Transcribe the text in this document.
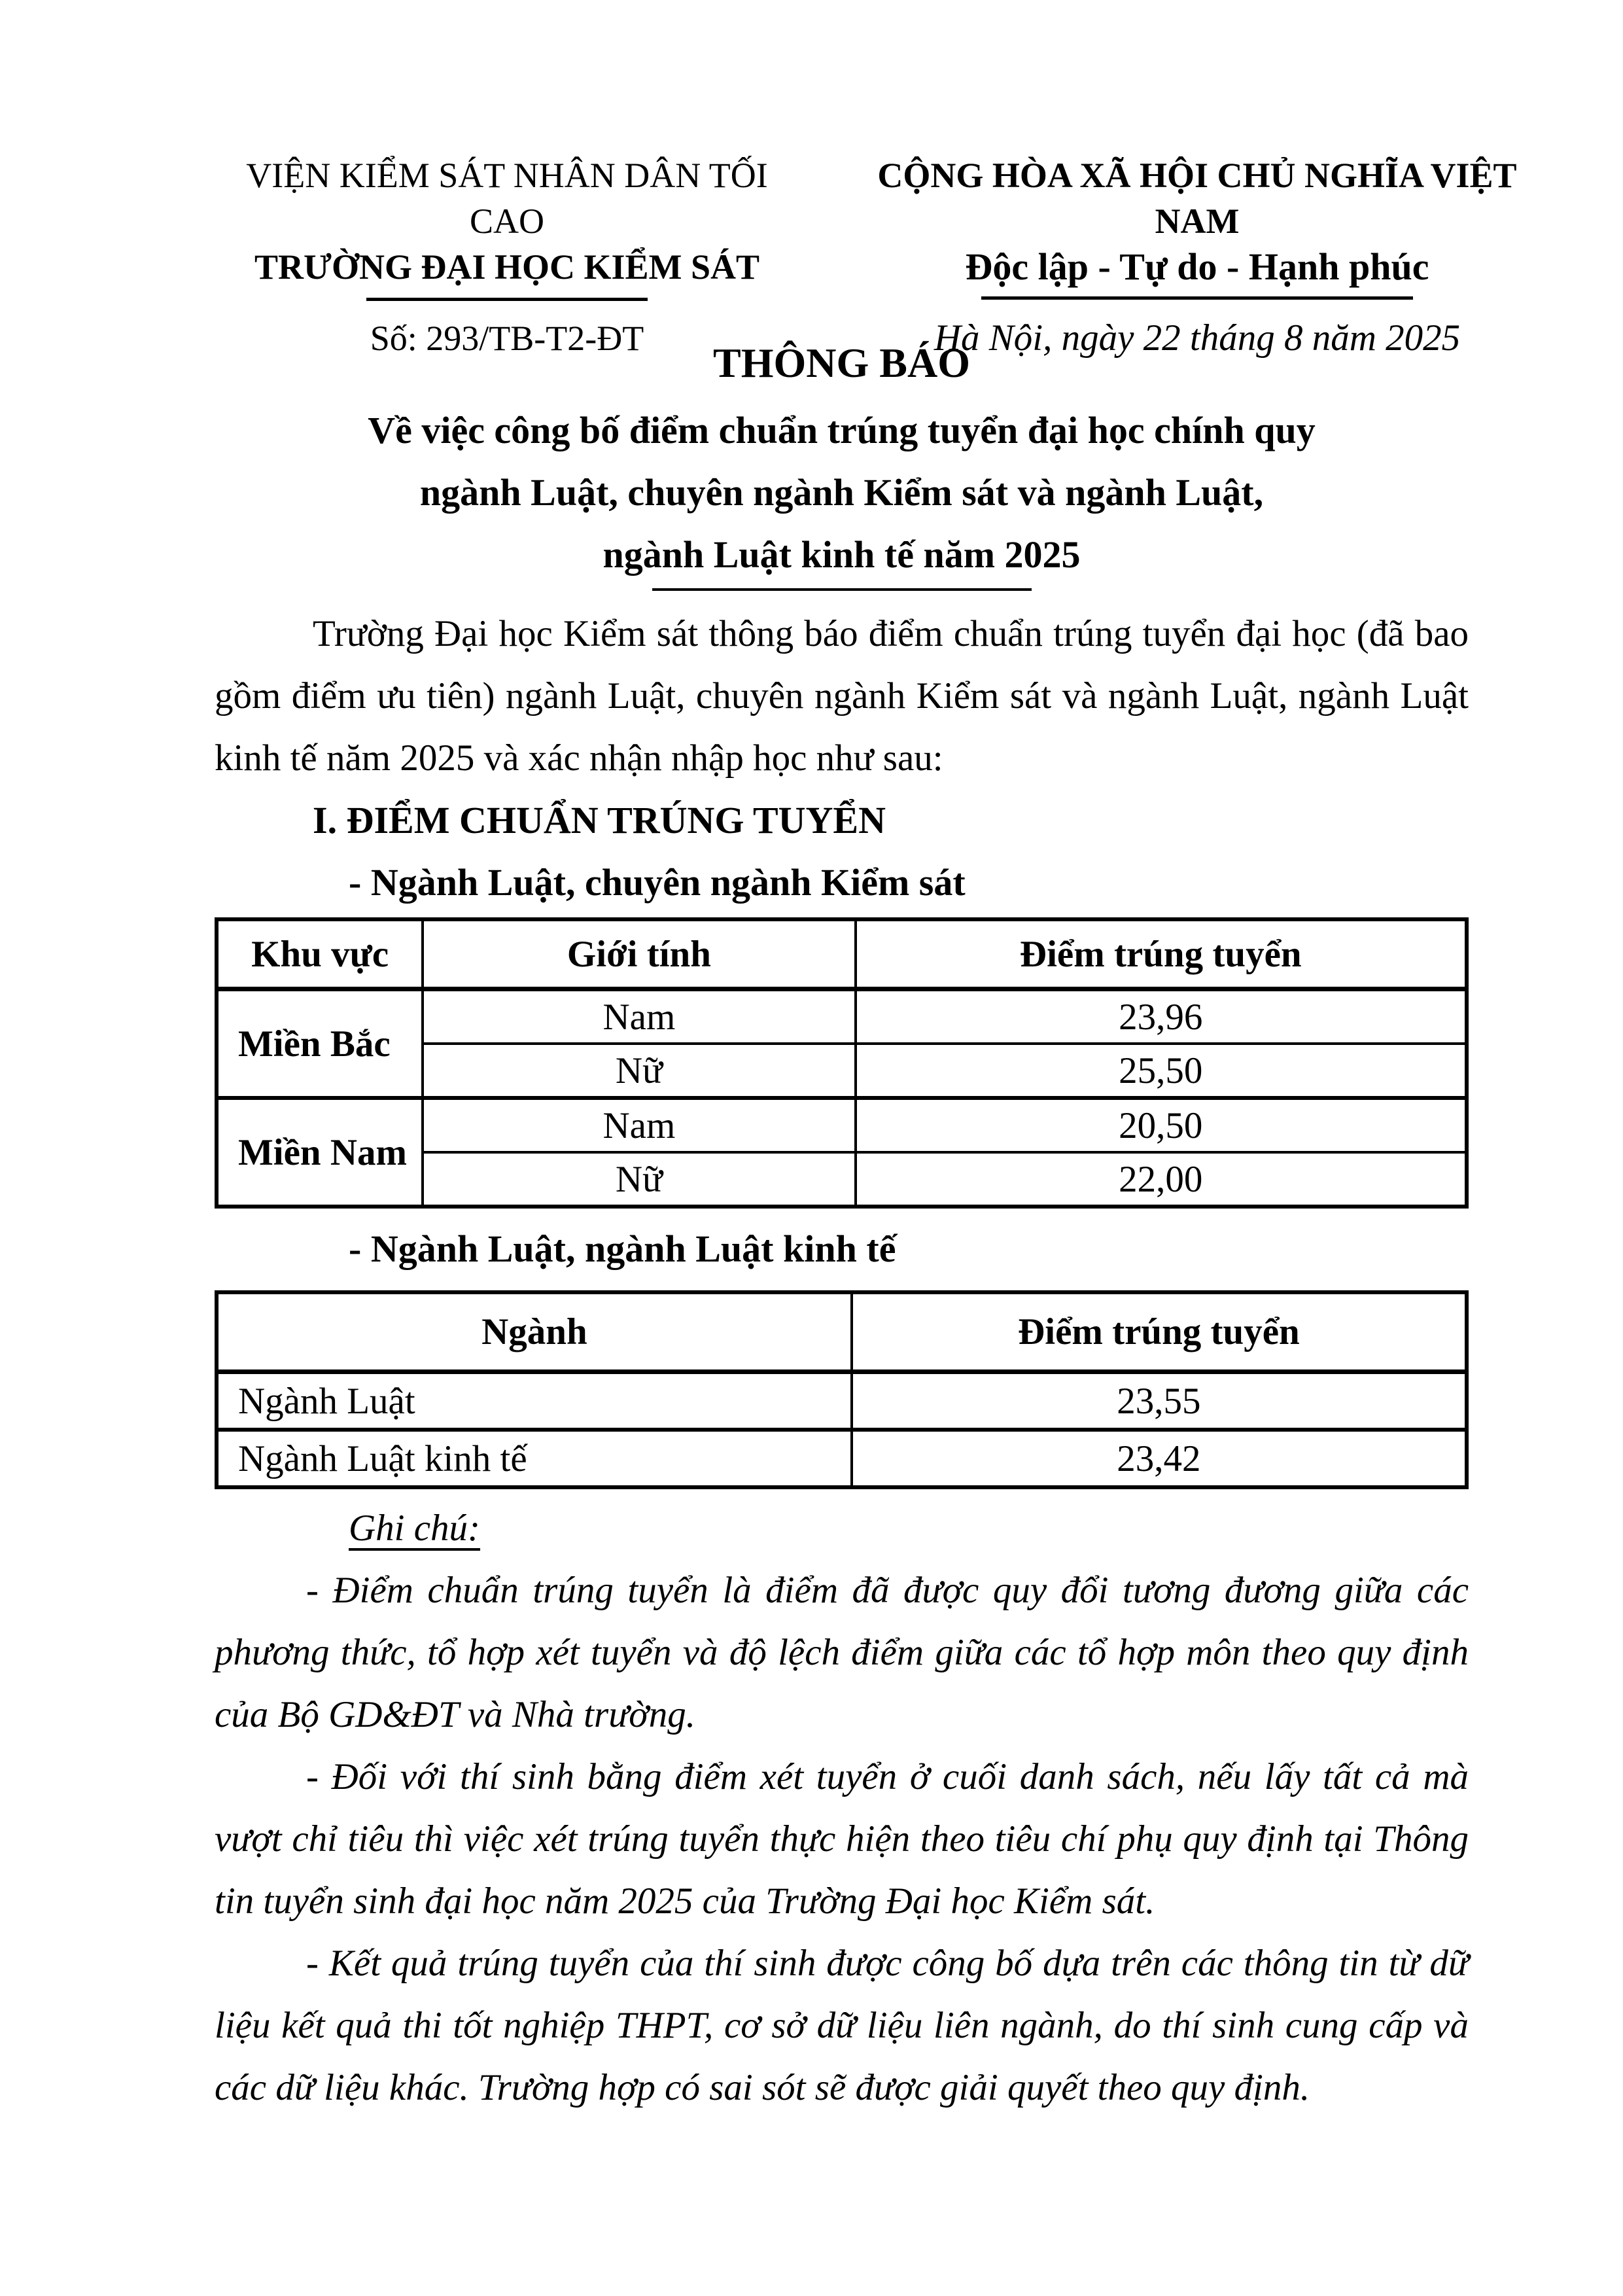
VIỆN KIỂM SÁT NHÂN DÂN TỐI CAO
TRƯỜNG ĐẠI HỌC KIỂM SÁT
Số: 293/TB-T2-ĐT
CỘNG HÒA XÃ HỘI CHỦ NGHĨA VIỆT NAM
Độc lập - Tự do - Hạnh phúc
Hà Nội, ngày 22 tháng 8 năm 2025
THÔNG BÁO
Về việc công bố điểm chuẩn trúng tuyển đại học chính quy
ngành Luật, chuyên ngành Kiểm sát và ngành Luật,
ngành Luật kinh tế năm 2025
Trường Đại học Kiểm sát thông báo điểm chuẩn trúng tuyển đại học (đã bao gồm điểm ưu tiên) ngành Luật, chuyên ngành Kiểm sát và ngành Luật, ngành Luật kinh tế năm 2025 và xác nhận nhập học như sau:
I. ĐIỂM CHUẨN TRÚNG TUYỂN
- Ngành Luật, chuyên ngành Kiểm sát
Khu vực	Giới tính	Điểm trúng tuyển
Miền Bắc	Nam	23,96
	Nữ	25,50
Miền Nam	Nam	20,50
	Nữ	22,00
- Ngành Luật, ngành Luật kinh tế
Ngành	Điểm trúng tuyển
Ngành Luật	23,55
Ngành Luật kinh tế	23,42
Ghi chú:
- Điểm chuẩn trúng tuyển là điểm đã được quy đổi tương đương giữa các phương thức, tổ hợp xét tuyển và độ lệch điểm giữa các tổ hợp môn theo quy định của Bộ GD&ĐT và Nhà trường.
- Đối với thí sinh bằng điểm xét tuyển ở cuối danh sách, nếu lấy tất cả mà vượt chỉ tiêu thì việc xét trúng tuyển thực hiện theo tiêu chí phụ quy định tại Thông tin tuyển sinh đại học năm 2025 của Trường Đại học Kiểm sát.
- Kết quả trúng tuyển của thí sinh được công bố dựa trên các thông tin từ dữ liệu kết quả thi tốt nghiệp THPT, cơ sở dữ liệu liên ngành, do thí sinh cung cấp và các dữ liệu khác. Trường hợp có sai sót sẽ được giải quyết theo quy định.
